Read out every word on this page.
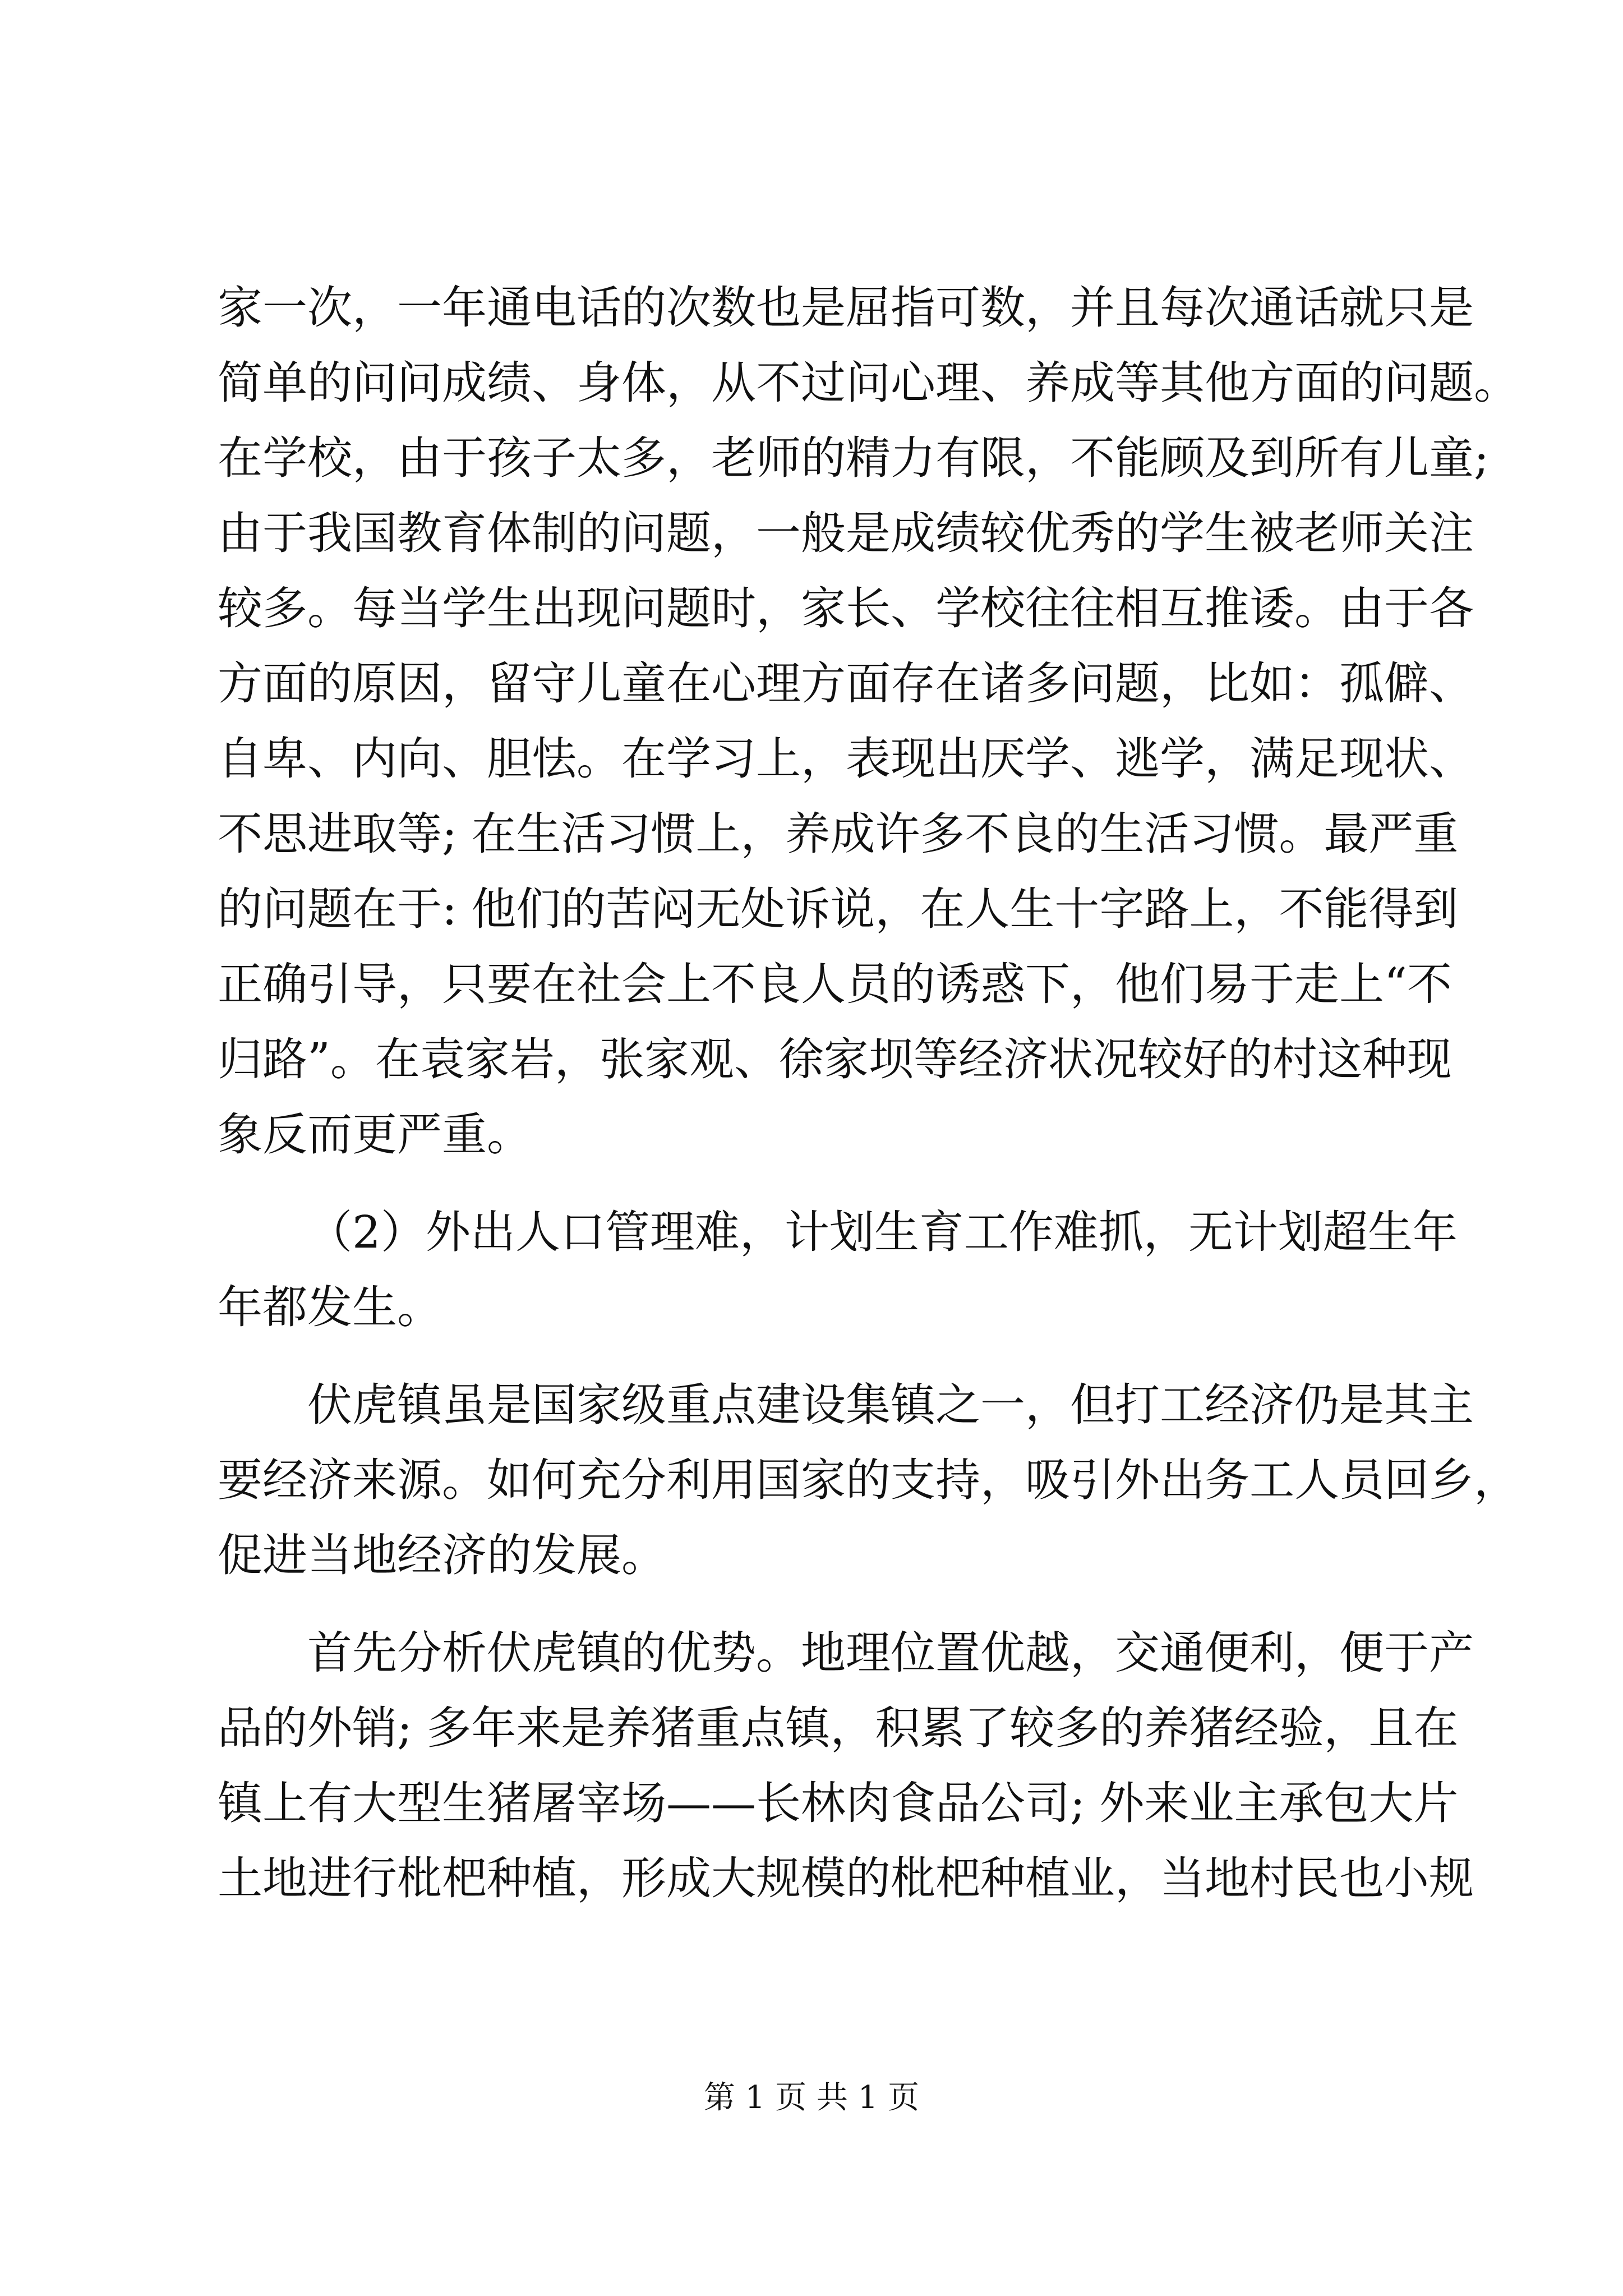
家一次，一年通电话的次数也是屈指可数，并且每次通话就只是
简单的问问成绩、身体，从不过问心理、养成等其他方面的问题。
在学校，由于孩子太多，老师的精力有限，不能顾及到所有儿童;
由于我国教育体制的问题，一般是成绩较优秀的学生被老师关注
较多。每当学生出现问题时，家长、学校往往相互推诿。由于各
方面的原因，留守儿童在心理方面存在诸多问题，比如：孤僻、
自卑、内向、胆怯。在学习上，表现出厌学、逃学，满足现状、
不思进取等; 在生活习惯上，养成许多不良的生活习惯。最严重
的问题在于: 他们的苦闷无处诉说，在人生十字路上，不能得到
正确引导，只要在社会上不良人员的诱惑下，他们易于走上“不
归路”。在袁家岩，张家观、徐家坝等经济状况较好的村这种现
象反而更严重。
（2）外出人口管理难，计划生育工作难抓，无计划超生年
年都发生。
伏虎镇虽是国家级重点建设集镇之一，但打工经济仍是其主
要经济来源。如何充分利用国家的支持，吸引外出务工人员回乡，
促进当地经济的发展。
首先分析伏虎镇的优势。地理位置优越，交通便利，便于产
品的外销; 多年来是养猪重点镇，积累了较多的养猪经验，且在
镇上有大型生猪屠宰场——长林肉食品公司; 外来业主承包大片
土地进行枇杷种植，形成大规模的枇杷种植业，当地村民也小规
第 1 页 共 1 页
